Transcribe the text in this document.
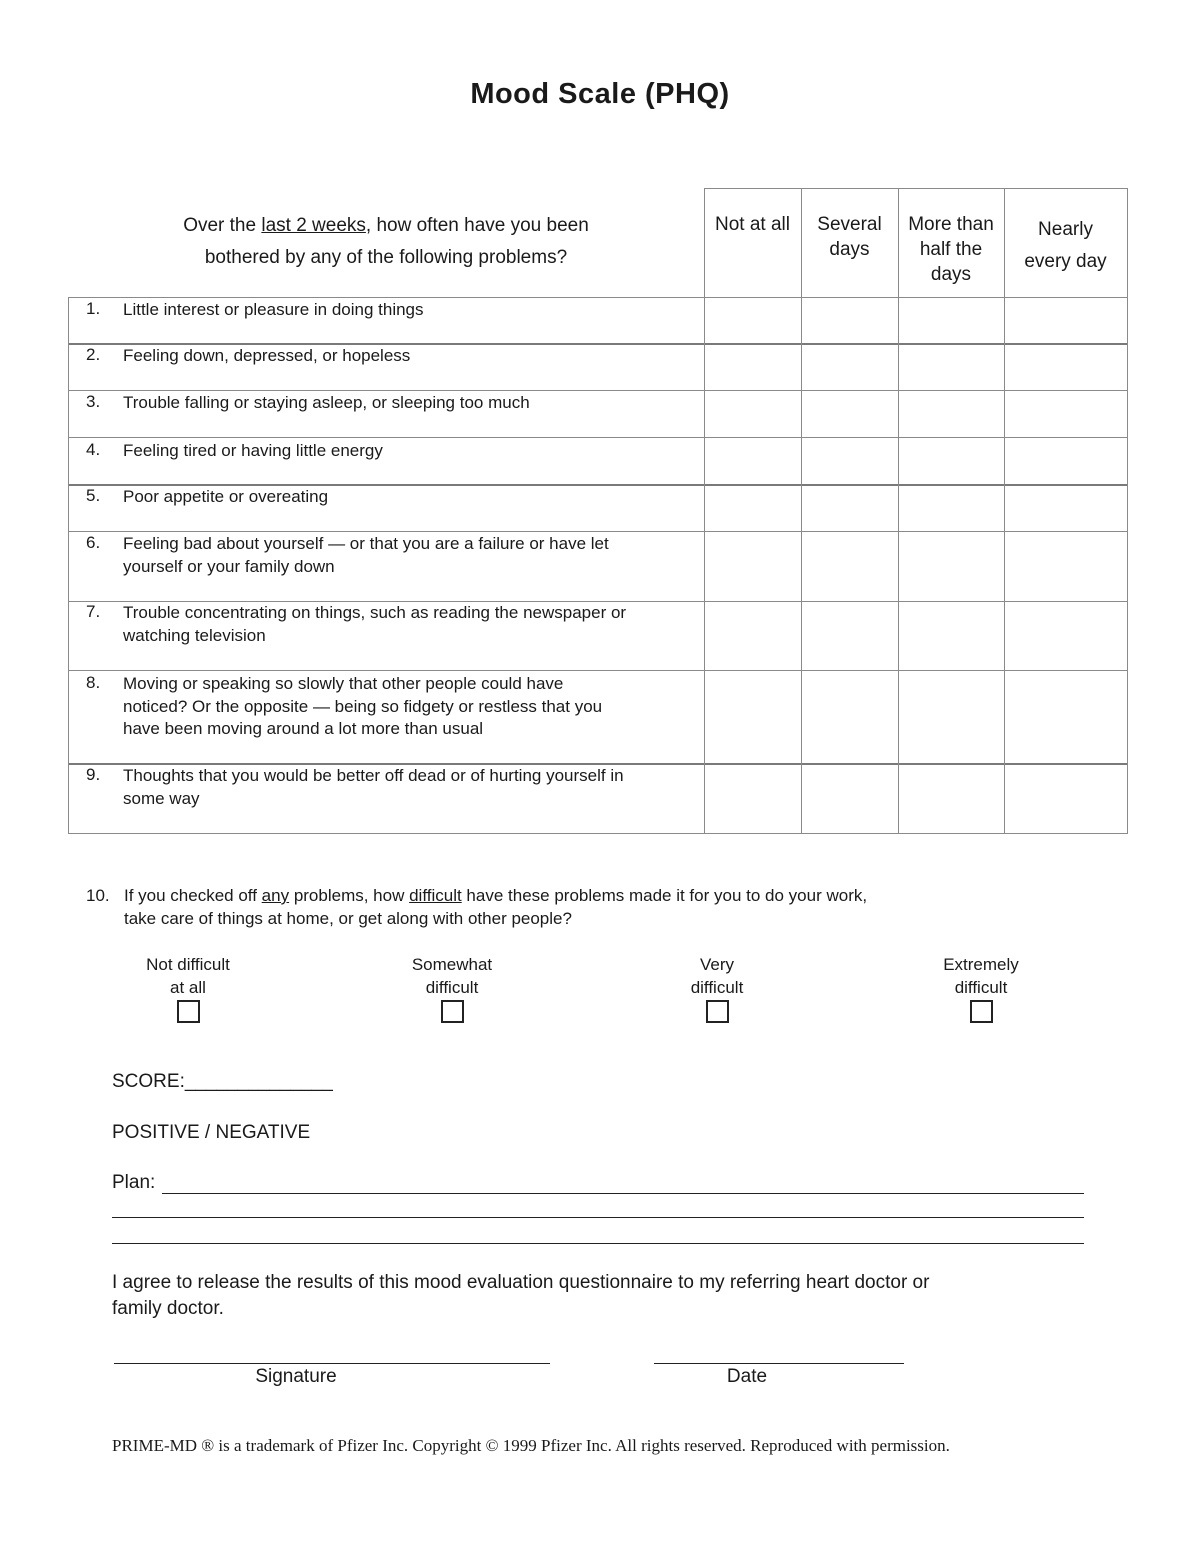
Mood Scale (PHQ)
Over the last 2 weeks, how often have you been
bothered by any of the following problems?
Not at all	Several
days
More than
half the
days
Nearly
every day
1. Little interest or pleasure in doing things
2. Feeling down, depressed, or hopeless
3. Trouble falling or staying asleep, or sleeping too much
4. Feeling tired or having little energy
5. Poor appetite or overeating
6. Feeling bad about yourself — or that you are a failure or have let
yourself or your family down
7. Trouble concentrating on things, such as reading the newspaper or
watching television
8. Moving or speaking so slowly that other people could have
noticed? Or the opposite — being so fidgety or restless that you
have been moving around a lot more than usual
9. Thoughts that you would be better off dead or of hurting yourself in
some way
10. If you checked off any problems, how difficult have these problems made it for you to do your work,
take care of things at home, or get along with other people?
Not difficult
at all
Somewhat
difficult
Very
difficult
Extremely
difficult
SCORE:______________
POSITIVE / NEGATIVE
Plan:
I agree to release the results of this mood evaluation questionnaire to my referring heart doctor or
family doctor.
Signature	Date
PRIME-MD ® is a trademark of Pfizer Inc. Copyright © 1999 Pfizer Inc. All rights reserved. Reproduced with permission.
